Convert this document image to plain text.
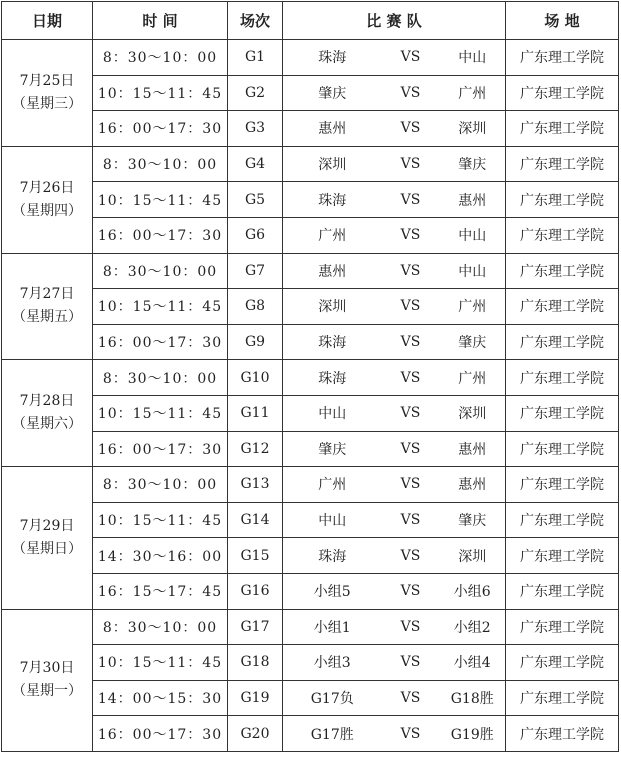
日期	时 间	场次	比 赛 队			场 地

7月25日
（星期三）	8：30～10：00	G1	珠海	VS	中山	广东理工学院
	10：15～11：45	G2	肇庆	VS	广州	广东理工学院
	16：00～17：30	G3	惠州	VS	深圳	广东理工学院

7月26日
（星期四）	8：30～10：00	G4	深圳	VS	肇庆	广东理工学院
	10：15～11：45	G5	珠海	VS	惠州	广东理工学院
	16：00～17：30	G6	广州	VS	中山	广东理工学院

7月27日
（星期五）	8：30～10：00	G7	惠州	VS	中山	广东理工学院
	10：15～11：45	G8	深圳	VS	广州	广东理工学院
	16：00～17：30	G9	珠海	VS	肇庆	广东理工学院

7月28日
（星期六）	8：30～10：00	G10	珠海	VS	广州	广东理工学院
	10：15～11：45	G11	中山	VS	深圳	广东理工学院
	16：00～17：30	G12	肇庆	VS	惠州	广东理工学院

7月29日
（星期日）	8：30～10：00	G13	广州	VS	惠州	广东理工学院
	10：15～11：45	G14	中山	VS	肇庆	广东理工学院
	14：30～16：00	G15	珠海	VS	深圳	广东理工学院
	16：15～17：45	G16	小组5	VS	小组6	广东理工学院

7月30日
（星期一）	8：30～10：00	G17	小组1	VS	小组2	广东理工学院
	10：15～11：45	G18	小组3	VS	小组4	广东理工学院
	14：00～15：30	G19	G17负	VS	G18胜	广东理工学院
	16：00～17：30	G20	G17胜	VS	G19胜	广东理工学院
